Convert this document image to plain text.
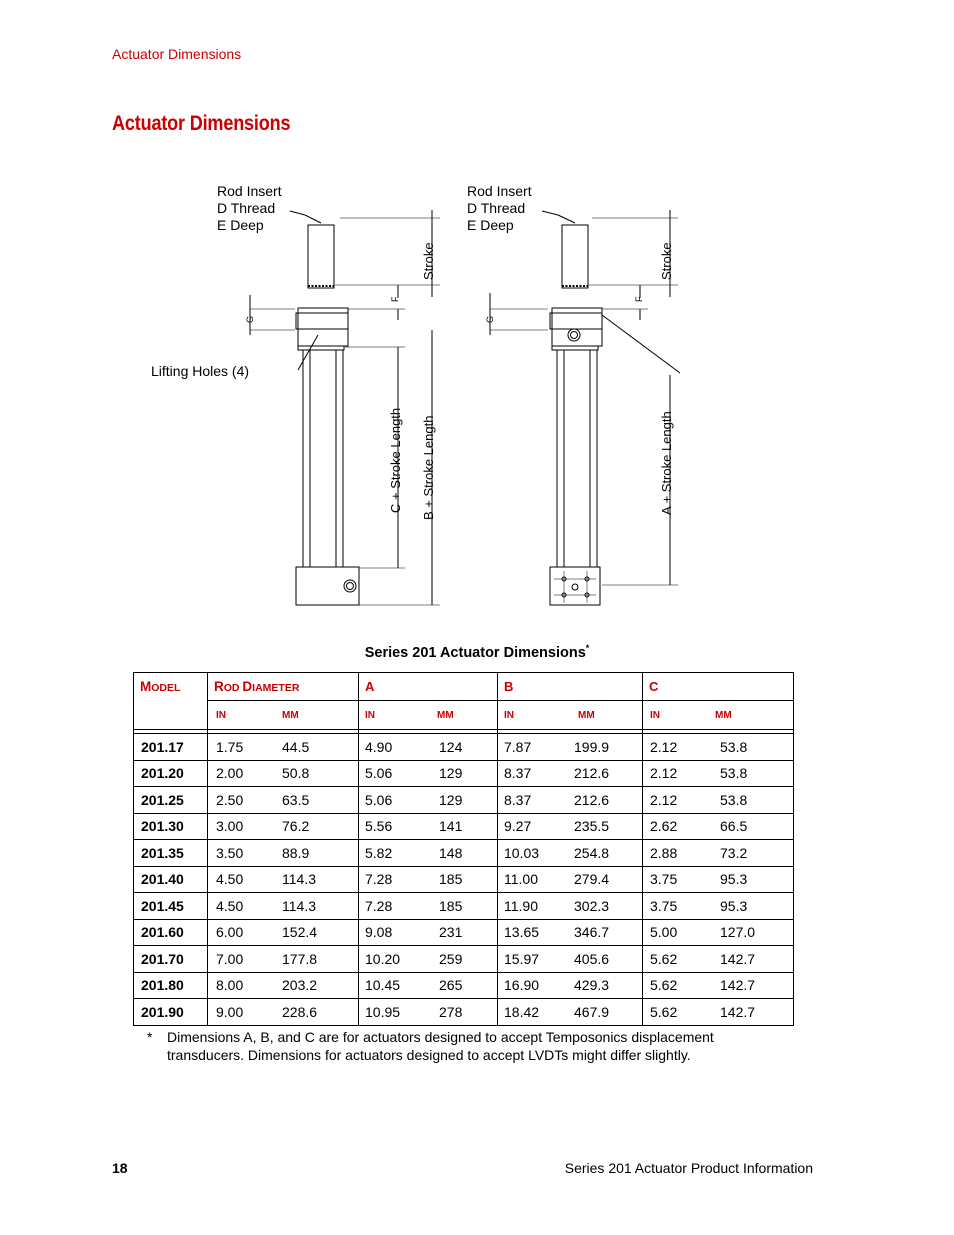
Actuator Dimensions
Actuator Dimensions
Rod Insert
D Thread
E Deep
Lifting Holes (4)
Stroke
F
G
C + Stroke Length B + Stroke Length
Rod Insert
D Thread
E Deep
Stroke
F
G
A + Stroke Length
Series 201 Actuator Dimensions*
MODEL	ROD DIAMETER	A	B	C

	IN MM	IN MM	IN MM	IN MM

201.17	1.75 44.5	4.90 124	7.87 199.9	2.12 53.8

201.20	2.00 50.8	5.06 129	8.37 212.6	2.12 53.8

201.25	2.50 63.5	5.06 129	8.37 212.6	2.12 53.8

201.30	3.00 76.2	5.56 141	9.27 235.5	2.62 66.5

201.35	3.50 88.9	5.82 148	10.03 254.8	2.88 73.2

201.40	4.50 114.3	7.28 185	11.00 279.4	3.75 95.3

201.45	4.50 114.3	7.28 185	11.90 302.3	3.75 95.3

201.60	6.00 152.4	9.08 231	13.65 346.7	5.00 127.0

201.70	7.00 177.8	10.20 259	15.97 405.6	5.62 142.7

201.80	8.00 203.2	10.45 265	16.90 429.3	5.62 142.7

201.90	9.00 228.6	10.95 278	18.42 467.9	5.62 142.7
* Dimensions A, B, and C are for actuators designed to accept Temposonics displacement transducers. Dimensions for actuators designed to accept LVDTs might differ slightly.
18	Series 201 Actuator Product Information
